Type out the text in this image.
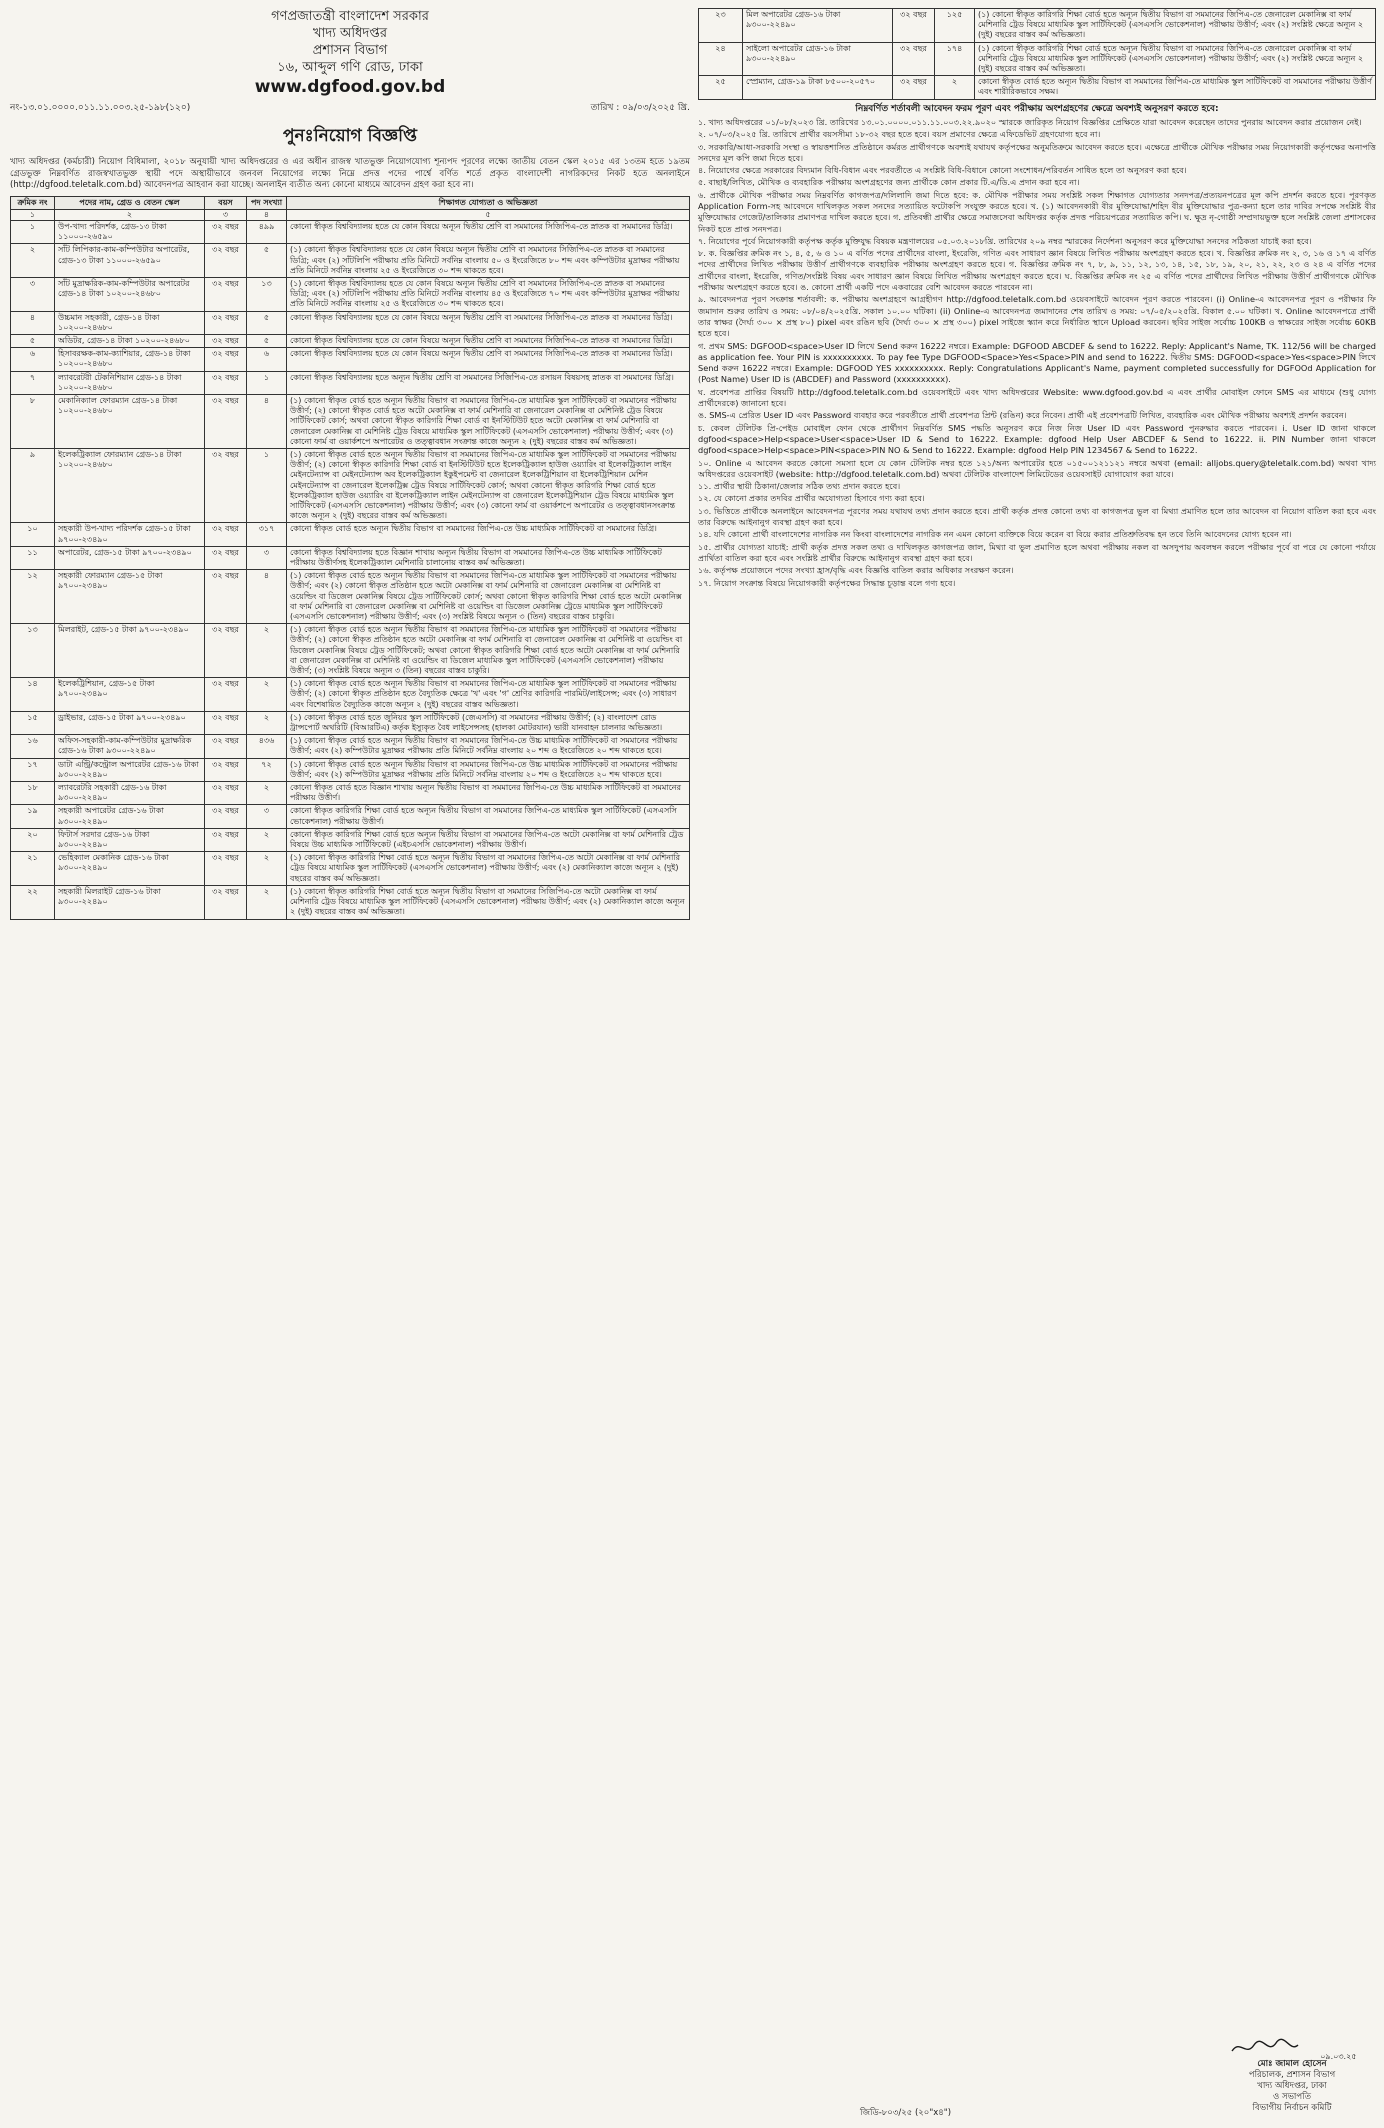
গণপ্রজাতন্ত্রী বাংলাদেশ সরকার
খাদ্য অধিদপ্তর
প্রশাসন বিভাগ
১৬, আব্দুল গণি রোড, ঢাকা
www.dgfood.gov.bd
নং-১৩.০১.০০০০.০১১.১১.০০৩.২৫-১৯৮(১২০)	তারিখ : ০৯/০৩/২০২৫ খ্রি.
পুনঃনিয়োগ বিজ্ঞপ্তি
খাদ্য অধিদপ্তর (কর্মচারী) নিয়োগ বিধিমালা, ২০১৮ অনুযায়ী খাদ্য অধিদপ্তরের ও এর অধীন রাজস্ব খাতভুক্ত নিয়োগযোগ্য শূন্যপদ পূরণের লক্ষ্যে জাতীয় বেতন স্কেল ২০১৫ এর ১৩তম হতে ১৯তম গ্রেডভুক্ত নিম্নবর্ণিত রাজস্বখাতভুক্ত স্থায়ী পদে অস্থায়ীভাবে জনবল নিয়োগের লক্ষ্যে নিম্নে প্রদত্ত পদের পার্শ্বে বর্ণিত শর্তে প্রকৃত বাংলাদেশী নাগরিকদের নিকট হতে অনলাইনে (http://dgfood.teletalk.com.bd) আবেদনপত্র আহবান করা যাচ্ছে। অনলাইন ব্যতীত অন্য কোনো মাধ্যমে আবেদন গ্রহণ করা হবে না।
ক্রমিক নং	পদের নাম, গ্রেড ও বেতন স্কেল	বয়স	পদ সংখ্যা	শিক্ষাগত যোগ্যতা ও অভিজ্ঞতা
১	২	৩	৪	৫
১	উপ-খাদ্য পরিদর্শক, গ্রেড-১৩ টাকা ১১০০০-২৬৫৯০	৩২ বছর	৪৯৯	কোনো স্বীকৃত বিশ্ববিদ্যালয় হতে যে কোন বিষয়ে অন্যূন দ্বিতীয় শ্রেণি বা সমমানের সিজিপিএ-তে স্নাতক বা সমমানের ডিগ্রি।
২	সাঁট লিপিকার-কাম-কম্পিউটার অপারেটর, গ্রেড-১৩ টাকা ১১০০০-২৬৫৯০	৩২ বছর	৫	(১) কোনো স্বীকৃত বিশ্ববিদ্যালয় হতে যে কোন বিষয়ে অন্যূন দ্বিতীয় শ্রেণি বা সমমানের সিজিপিএ-তে স্নাতক বা সমমানের ডিগ্রি; এবং (২) সাঁটলিপি পরীক্ষায় প্রতি মিনিটে সর্বনিম্ন বাংলায় ৫০ ও ইংরেজিতে ৮০ শব্দ এবং কম্পিউটার মুদ্রাক্ষর পরীক্ষায় প্রতি মিনিটে সর্বনিম্ন বাংলায় ২৫ ও ইংরেজিতে ৩০ শব্দ থাকতে হবে।
৩	সাঁট মুদ্রাক্ষরিক-কাম-কম্পিউটার অপারেটর গ্রেড-১৪ টাকা ১০২০০-২৪৬৮০	৩২ বছর	১৩	(১) কোনো স্বীকৃত বিশ্ববিদ্যালয় হতে যে কোন বিষয়ে অন্যূন দ্বিতীয় শ্রেণি বা সমমানের সিজিপিএ-তে স্নাতক বা সমমানের ডিগ্রি; এবং (২) সাঁটলিপি পরীক্ষায় প্রতি মিনিটে সর্বনিম্ন বাংলায় ৪৫ ও ইংরেজিতে ৭০ শব্দ এবং কম্পিউটার মুদ্রাক্ষর পরীক্ষায় প্রতি মিনিটে সর্বনিম্ন বাংলায় ২৫ ও ইংরেজিতে ৩০ শব্দ থাকতে হবে।
৪	উচ্চমান সহকারী, গ্রেড-১৪ টাকা ১০২০০-২৪৬৮০	৩২ বছর	৫	কোনো স্বীকৃত বিশ্ববিদ্যালয় হতে যে কোন বিষয়ে অন্যূন দ্বিতীয় শ্রেণি বা সমমানের সিজিপিএ-তে স্নাতক বা সমমানের ডিগ্রি।
৫	অডিটর, গ্রেড-১৪ টাকা ১০২০০-২৪৬৮০	৩২ বছর	৫	কোনো স্বীকৃত বিশ্ববিদ্যালয় হতে যে কোন বিষয়ে অন্যূন দ্বিতীয় শ্রেণি বা সমমানের সিজিপিএ-তে স্নাতক বা সমমানের ডিগ্রি।
৬	হিসাবরক্ষক-কাম-ক্যাশিয়ার, গ্রেড-১৪ টাকা ১০২০০-২৪৬৮০	৩২ বছর	৬	কোনো স্বীকৃত বিশ্ববিদ্যালয় হতে যে কোন বিষয়ে অন্যূন দ্বিতীয় শ্রেণি বা সমমানের সিজিপিএ-তে স্নাতক বা সমমানের ডিগ্রি।
৭	ল্যাবরেটরী টেকনিশিয়ান গ্রেড-১৪ টাকা ১০২০০-২৪৬৮০	৩২ বছর	১	কোনো স্বীকৃত বিশ্ববিদ্যালয় হতে অন্যূন দ্বিতীয় শ্রেণি বা সমমানের সিজিপিএ-তে রসায়ন বিষয়সহ স্নাতক বা সমমানের ডিগ্রি।
৮	মেকানিক্যাল ফোরম্যান গ্রেড-১৪ টাকা ১০২০০-২৪৬৮০	৩২ বছর	৪	(১) কোনো স্বীকৃত বোর্ড হতে অন্যূন দ্বিতীয় বিভাগ বা সমমানের জিপিএ-তে মাধ্যমিক স্কুল সার্টিফিকেট বা সমমানের পরীক্ষায় উত্তীর্ণ; (২) কোনো স্বীকৃত বোর্ড হতে অটো মেকানিক্স বা ফার্ম মেশিনারি বা জেনারেল মেকানিক্স বা মেশিনিষ্ট ট্রেড বিষয়ে সার্টিফিকেট কোর্স; অথবা কোনো স্বীকৃত কারিগরি শিক্ষা বোর্ড বা ইনস্টিটিউট হতে অটো মেকানিক্স বা ফার্ম মেশিনারি বা জেনারেল মেকানিক্স বা মেশিনিষ্ট ট্রেড বিষয়ে মাধ্যমিক স্কুল সার্টিফিকেট (এসএসসি ভোকেশনাল) পরীক্ষায় উত্তীর্ণ; এবং (৩) কোনো ফার্ম বা ওয়ার্কশপে অপারেটর ও তত্ত্বাবধান সংক্রান্ত কাজে অন্যূন ২ (দুই) বছরের বাস্তব কর্ম অভিজ্ঞতা।
৯	ইলেকট্রিক্যাল ফোরম্যান গ্রেড-১৪ টাকা ১০২০০-২৪৬৮০	৩২ বছর	১	(১) কোনো স্বীকৃত বোর্ড হতে অন্যূন দ্বিতীয় বিভাগ বা সমমানের জিপিএ-তে মাধ্যমিক স্কুল সার্টিফিকেট বা সমমানের পরীক্ষায় উত্তীর্ণ; (২) কোনো স্বীকৃত কারিগরি শিক্ষা বোর্ড বা ইনস্টিটিউট হতে ইলেকট্রিক্যাল হাউজ ওয়্যারিং বা ইলেকট্রিক্যাল লাইন মেইনটেন্যান্স বা মেইনটেন্যান্স অব ইলেকট্রিক্যাল ইকুইপমেন্ট বা জেনারেল ইলেকট্রিশিয়ান বা ইলেকট্রিশিয়ান মেশিন মেইনটেন্যান্স বা জেনারেল ইলেকট্রিক্স ট্রেড বিষয়ে সার্টিফিকেট কোর্স; অথবা কোনো স্বীকৃত কারিগরি শিক্ষা বোর্ড হতে ইলেকট্রিক্যাল হাউজ ওয়্যারিং বা ইলেকট্রিক্যাল লাইন মেইনটেন্যান্স বা জেনারেল ইলেকট্রিশিয়ান ট্রেড বিষয়ে মাধ্যমিক স্কুল সার্টিফিকেট (এসএসসি ভোকেশনাল) পরীক্ষায় উত্তীর্ণ; এবং (৩) কোনো ফার্ম বা ওয়ার্কশপে অপারেটর ও তত্ত্বাবধানসংক্রান্ত কাজে অন্যূন ২ (দুই) বছরের বাস্তব কর্ম অভিজ্ঞতা।
১০	সহকারী উপ-খাদ্য পরিদর্শক গ্রেড-১৫ টাকা ৯৭০০-২৩৪৯০	৩২ বছর	৩১৭	কোনো স্বীকৃত বোর্ড হতে অন্যূন দ্বিতীয় বিভাগ বা সমমানের জিপিএ-তে উচ্চ মাধ্যমিক সার্টিফিকেট বা সমমানের ডিগ্রি।
১১	অপারেটর, গ্রেড-১৫ টাকা ৯৭০০-২৩৪৯০	৩২ বছর	৩	কোনো স্বীকৃত বিশ্ববিদ্যালয় হতে বিজ্ঞান শাখায় অন্যূন দ্বিতীয় বিভাগ বা সমমানের জিপিএ-তে উচ্চ মাধ্যমিক সার্টিফিকেট পরীক্ষায় উত্তীর্ণসহ ইলেকট্রিক্যাল মেশিনারি চালানোয় বাস্তব কর্ম অভিজ্ঞতা।
১২	সহকারী ফোরম্যান গ্রেড-১৫ টাকা ৯৭০০-২৩৪৯০	৩২ বছর	৪	(১) কোনো স্বীকৃত বোর্ড হতে অন্যূন দ্বিতীয় বিভাগ বা সমমানের জিপিএ-তে মাধ্যমিক স্কুল সার্টিফিকেট বা সমমানের পরীক্ষায় উত্তীর্ণ; এবং (২) কোনো স্বীকৃত প্রতিষ্ঠান হতে অটো মেকানিক্স বা ফার্ম মেশিনারি বা জেনারেল মেকানিক্স বা মেশিনিষ্ট বা ওয়েল্ডিং বা ডিজেল মেকানিক্স বিষয়ে ট্রেড সার্টিফিকেট কোর্স; অথবা কোনো স্বীকৃত কারিগরি শিক্ষা বোর্ড হতে অটো মেকানিক্স বা ফার্ম মেশিনারি বা জেনারেল মেকানিক্স বা মেশিনিষ্ট বা ওয়েল্ডিং বা ডিজেল মেকানিক্স ট্রেডে মাধ্যমিক স্কুল সার্টিফিকেট (এসএসসি ভোকেশনাল) পরীক্ষায় উত্তীর্ণ; এবং (৩) সংশ্লিষ্ট বিষয়ে অন্যূন ৩ (তিন) বছরের বাস্তব চাকুরি।
১৩	মিলরাইট, গ্রেড-১৫ টাকা ৯৭০০-২৩৪৯০	৩২ বছর	২	(১) কোনো স্বীকৃত বোর্ড হতে অন্যূন দ্বিতীয় বিভাগ বা সমমানের জিপিএ-তে মাধ্যমিক স্কুল সার্টিফিকেট বা সমমানের পরীক্ষায় উত্তীর্ণ; (২) কোনো স্বীকৃত প্রতিষ্ঠান হতে অটো মেকানিক্স বা ফার্ম মেশিনারি বা জেনারেল মেকানিক্স বা মেশিনিষ্ট বা ওয়েল্ডিং বা ডিজেল মেকানিক্স বিষয়ে ট্রেড সার্টিফিকেট; অথবা কোনো স্বীকৃত কারিগরি শিক্ষা বোর্ড হতে অটো মেকানিক্স বা ফার্ম মেশিনারি বা জেনারেল মেকানিক্স বা মেশিনিষ্ট বা ওয়েল্ডিং বা ডিজেল মাধ্যমিক স্কুল সার্টিফিকেট (এসএসসি ভোকেশনাল) পরীক্ষায় উত্তীর্ণ; (৩) সংশ্লিষ্ট বিষয়ে অন্যূন ৩ (তিন) বছরের বাস্তব চাকুরি।
১৪	ইলেকট্রিশিয়ান, গ্রেড-১৫ টাকা ৯৭০০-২৩৪৯০	৩২ বছর	২	(১) কোনো স্বীকৃত বোর্ড হতে অন্যূন দ্বিতীয় বিভাগ বা সমমানের জিপিএ-তে মাধ্যমিক স্কুল সার্টিফিকেট বা সমমানের পরীক্ষায় উত্তীর্ণ; (২) কোনো স্বীকৃত প্রতিষ্ঠান হতে বৈদ্যুতিক ক্ষেত্রে 'খ' এবং 'গ' শ্রেণির কারিগরি পারমিট/লাইসেন্স; এবং (৩) সাধারণ এবং বিশেষায়িত বৈদ্যুতিক কাজে অন্যূন ২ (দুই) বছরের বাস্তব অভিজ্ঞতা।
১৫	ড্রাইভার, গ্রেড-১৫ টাকা ৯৭০০-২৩৪৯০	৩২ বছর	২	(১) কোনো স্বীকৃত বোর্ড হতে জুনিয়র স্কুল সার্টিফিকেট (জেএসসি) বা সমমানের পরীক্ষায় উত্তীর্ণ; (২) বাংলাদেশ রোড ট্রান্সপোর্ট অথরিটি (বিআরটিএ) কর্তৃক ইস্যুকৃত বৈধ লাইসেন্সসহ (হালকা মোটরযান) ভারী যানবাহন চালনার অভিজ্ঞতা।
১৬	অফিস-সহকারী-কাম-কম্পিউটার মুদ্রাক্ষরিক গ্রেড-১৬ টাকা ৯৩০০-২২৪৯০	৩২ বছর	৪৩৬	(১) কোনো স্বীকৃত বোর্ড হতে অন্যূন দ্বিতীয় বিভাগ বা সমমানের জিপিএ-তে উচ্চ মাধ্যমিক সার্টিফিকেট বা সমমানের পরীক্ষায় উত্তীর্ণ; এবং (২) কম্পিউটার মুদ্রাক্ষর পরীক্ষায় প্রতি মিনিটে সর্বনিম্ন বাংলায় ২০ শব্দ ও ইংরেজিতে ২০ শব্দ থাকতে হবে।
১৭	ডাটা এন্ট্রি/কন্ট্রোল অপারেটর গ্রেড-১৬ টাকা ৯৩০০-২২৪৯০	৩২ বছর	৭২	(১) কোনো স্বীকৃত বোর্ড হতে অন্যূন দ্বিতীয় বিভাগ বা সমমানের জিপিএ-তে উচ্চ মাধ্যমিক সার্টিফিকেট বা সমমানের পরীক্ষায় উত্তীর্ণ; এবং (২) কম্পিউটার মুদ্রাক্ষর পরীক্ষায় প্রতি মিনিটে সর্বনিম্ন বাংলায় ২০ শব্দ ও ইংরেজিতে ২০ শব্দ থাকতে হবে।
১৮	ল্যাবরেটরি সহকারী গ্রেড-১৬ টাকা ৯৩০০-২২৪৯০	৩২ বছর	২	কোনো স্বীকৃত বোর্ড হতে বিজ্ঞান শাখায় অন্যূন দ্বিতীয় বিভাগ বা সমমানের জিপিএ-তে উচ্চ মাধ্যমিক সার্টিফিকেট বা সমমানের পরীক্ষায় উত্তীর্ণ।
১৯	সহকারী অপারেটর গ্রেড-১৬ টাকা ৯৩০০-২২৪৯০	৩২ বছর	৩	কোনো স্বীকৃত কারিগরি শিক্ষা বোর্ড হতে অন্যূন দ্বিতীয় বিভাগ বা সমমানের জিপিএ-তে মাধ্যমিক স্কুল সার্টিফিকেট (এসএসসি ভোকেশনাল) পরীক্ষায় উত্তীর্ণ।
২০	ফিটার্স সরদার গ্রেড-১৬ টাকা ৯৩০০-২২৪৯০	৩২ বছর	২	কোনো স্বীকৃত কারিগরি শিক্ষা বোর্ড হতে অন্যূন দ্বিতীয় বিভাগ বা সমমানের জিপিএ-তে অটো মেকানিক্স বা ফার্ম মেশিনারি ট্রেড বিষয়ে উচ্চ মাধ্যমিক সার্টিফিকেট (এইচএসসি ভোকেশনাল) পরীক্ষায় উত্তীর্ণ।
২১	ভেহিক্যাল মেকানিক গ্রেড-১৬ টাকা ৯৩০০-২২৪৯০	৩২ বছর	২	(১) কোনো স্বীকৃত কারিগরি শিক্ষা বোর্ড হতে অন্যূন দ্বিতীয় বিভাগ বা সমমানের জিপিএ-তে অটো মেকানিক্স বা ফার্ম মেশিনারি ট্রেড বিষয়ে মাধ্যমিক স্কুল সার্টিফিকেট (এসএসসি ভোকেশনাল) পরীক্ষায় উত্তীর্ণ; এবং (২) মেকানিক্যাল কাজে অন্যূন ২ (দুই) বছরের বাস্তব কর্ম অভিজ্ঞতা।
২২	সহকারী মিলরাইট গ্রেড-১৬ টাকা ৯৩০০-২২৪৯০	৩২ বছর	২	(১) কোনো স্বীকৃত কারিগরি শিক্ষা বোর্ড হতে অন্যূন দ্বিতীয় বিভাগ বা সমমানের সিজিপিএ-তে অটো মেকানিক্স বা ফার্ম মেশিনারি ট্রেড বিষয়ে মাধ্যমিক স্কুল সার্টিফিকেট (এসএসসি ভোকেশনাল) পরীক্ষায় উত্তীর্ণ; এবং (২) মেকানিক্যাল কাজে অন্যূন ২ (দুই) বছরের বাস্তব কর্ম অভিজ্ঞতা।
২৩	মিল অপারেটর গ্রেড-১৬ টাকা ৯৩০০-২২৪৯০	৩২ বছর	১২৫	(১) কোনো স্বীকৃত কারিগরি শিক্ষা বোর্ড হতে অন্যূন দ্বিতীয় বিভাগ বা সমমানের জিপিএ-তে জেনারেল মেকানিক্স বা ফার্ম মেশিনারি ট্রেড বিষয়ে মাধ্যমিক স্কুল সার্টিফিকেট (এসএসসি ভোকেশনাল) পরীক্ষায় উত্তীর্ণ; এবং (২) সংশ্লিষ্ট ক্ষেত্রে অন্যূন ২ (দুই) বছরের বাস্তব কর্ম অভিজ্ঞতা।
২৪	সাইলো অপারেটর গ্রেড-১৬ টাকা ৯৩০০-২২৪৯০	৩২ বছর	১৭৪	(১) কোনো স্বীকৃত কারিগরি শিক্ষা বোর্ড হতে অন্যূন দ্বিতীয় বিভাগ বা সমমানের জিপিএ-তে জেনারেল মেকানিক্স বা ফার্ম মেশিনারি ট্রেড বিষয়ে মাধ্যমিক স্কুল সার্টিফিকেট (এসএসসি ভোকেশনাল) পরীক্ষায় উত্তীর্ণ; এবং (২) সংশ্লিষ্ট ক্ষেত্রে অন্যূন ২ (দুই) বছরের বাস্তব কর্ম অভিজ্ঞতা।
২৫	স্প্রেম্যান, গ্রেড-১৯ টাকা ৮৫০০-২০৫৭০	৩২ বছর	২	কোনো স্বীকৃত বোর্ড হতে অন্যূন দ্বিতীয় বিভাগ বা সমমানের জিপিএ-তে মাধ্যমিক স্কুল সার্টিফিকেট বা সমমানের পরীক্ষায় উত্তীর্ণ এবং শারীরিকভাবে সক্ষম।
নিম্নবর্ণিত শর্তাবলী আবেদন ফরম পূরণ এবং পরীক্ষায় অংশগ্রহণের ক্ষেত্রে অবশ্যই অনুসরণ করতে হবে:

১. খাদ্য অধিদপ্তরের ০১/০৮/২০২৩ খ্রি. তারিখের ১৩.০১.০০০০.০১১.১১.০০৩.২২.৯০২০ স্মারকে জারিকৃত নিয়োগ বিজ্ঞপ্তির প্রেক্ষিতে যারা আবেদন করেছেন তাদের পুনরায় আবেদন করার প্রয়োজন নেই।

২. ০৭/০৩/২০২৫ খ্রি. তারিখে প্রার্থীর বয়সসীমা ১৮-৩২ বছর হতে হবে। বয়স প্রমাণের ক্ষেত্রে এফিডেভিট গ্রহণযোগ্য হবে না।

৩. সরকারি/আধা-সরকারি সংস্থা ও স্বায়ত্তশাসিত প্রতিষ্ঠানে কর্মরত প্রার্থীগণকে অবশ্যই যথাযথ কর্তৃপক্ষের অনুমতিক্রমে আবেদন করতে হবে। এক্ষেত্রে প্রার্থীকে মৌখিক পরীক্ষার সময় নিয়োগকারী কর্তৃপক্ষের অনাপত্তি সনদের মূল কপি জমা দিতে হবে।

৪. নিয়োগের ক্ষেত্রে সরকারের বিদ্যমান বিধি-বিধান এবং পরবর্তীতে এ সংশ্লিষ্ট বিধি-বিধানে কোনো সংশোধন/পরিবর্তন সাধিত হলে তা অনুসরণ করা হবে।

৫. বাছাই/লিখিত, মৌখিক ও ব্যবহারিক পরীক্ষায় অংশগ্রহণের জন্য প্রার্থীকে কোন প্রকার টি.এ/ডি.এ প্রদান করা হবে না।

৬. প্রার্থীকে মৌখিক পরীক্ষার সময় নিম্নবর্ণিত কাগজপত্র/দলিলাদি জমা দিতে হবে: ক. মৌখিক পরীক্ষার সময় সংশ্লিষ্ট সকল শিক্ষাগত যোগ্যতার সনদপত্র/প্রত্যয়নপত্রের মূল কপি প্রদর্শন করতে হবে। পূরণকৃত Application Form-সহ আবেদনে দাখিলকৃত সকল সনদের সত্যায়িত ফটোকপি সংযুক্ত করতে হবে। খ. (১) আবেদনকারী বীর মুক্তিযোদ্ধা/শহিদ বীর মুক্তিযোদ্ধার পুত্র-কন্যা হলে তার দাবির সপক্ষে সংশ্লিষ্ট বীর মুক্তিযোদ্ধার গেজেট/তালিকার প্রমাণপত্র দাখিল করতে হবে। গ. প্রতিবন্ধী প্রার্থীর ক্ষেত্রে সমাজসেবা অধিদপ্তর কর্তৃক প্রদত্ত পরিচয়পত্রের সত্যায়িত কপি। ঘ. ক্ষুদ্র নৃ-গোষ্ঠী সম্প্রদায়ভুক্ত হলে সংশ্লিষ্ট জেলা প্রশাসকের নিকট হতে প্রাপ্ত সনদপত্র।

৭. নিয়োগের পূর্বে নিয়োগকারী কর্তৃপক্ষ কর্তৃক মুক্তিযুদ্ধ বিষয়ক মন্ত্রণালয়ের ০৫.০৩.২০১৮খ্রি. তারিখের ২০৯ নম্বর স্মারকের নির্দেশনা অনুসরণ করে মুক্তিযোদ্ধা সনদের সঠিকতা যাচাই করা হবে।

৮. ক. বিজ্ঞপ্তির ক্রমিক নং ১, ৪, ৫, ৬ ও ১০ এ বর্ণিত পদের প্রার্থীদের বাংলা, ইংরেজি, গণিত এবং সাধারণ জ্ঞান বিষয়ে লিখিত পরীক্ষায় অংশগ্রহণ করতে হবে। খ. বিজ্ঞপ্তির ক্রমিক নং ২, ৩, ১৬ ও ১৭ এ বর্ণিত পদের প্রার্থীদের লিখিত পরীক্ষায় উত্তীর্ণ প্রার্থীগণকে ব্যবহারিক পরীক্ষায় অংশগ্রহণ করতে হবে। গ. বিজ্ঞপ্তির ক্রমিক নং ৭, ৮, ৯, ১১, ১২, ১৩, ১৪, ১৫, ১৮, ১৯, ২০, ২১, ২২, ২৩ ও ২৪ এ বর্ণিত পদের প্রার্থীদের বাংলা, ইংরেজি, গণিত/সংশ্লিষ্ট বিষয় এবং সাধারণ জ্ঞান বিষয়ে লিখিত পরীক্ষায় অংশগ্রহণ করতে হবে। ঘ. বিজ্ঞপ্তির ক্রমিক নং ২৫ এ বর্ণিত পদের প্রার্থীদের লিখিত পরীক্ষায় উত্তীর্ণ প্রার্থীগণকে মৌখিক পরীক্ষায় অংশগ্রহণ করতে হবে। ঙ. কোনো প্রার্থী একটি পদে একবারের বেশি আবেদন করতে পারবেন না।

৯. আবেদনপত্র পূরণ সংক্রান্ত শর্তাবলী: ক. পরীক্ষায় অংশগ্রহণে আগ্রহীগণ http://dgfood.teletalk.com.bd ওয়েবসাইটে আবেদন পূরণ করতে পারবেন। (i) Online-এ আবেদনপত্র পূরণ ও পরীক্ষার ফি জমাদান শুরুর তারিখ ও সময়: ০৮/০৪/২০২৫খ্রি. সকাল ১০.০০ ঘটিকা। (ii) Online-এ আবেদনপত্র জমাদানের শেষ তারিখ ও সময়: ০৭/০৫/২০২৫খ্রি. বিকাল ৫.০০ ঘটিকা। খ. Online আবেদনপত্রে প্রার্থী তার স্বাক্ষর (দৈর্ঘ্য ৩০০ × প্রস্থ ৮০) pixel এবং রঙিন ছবি (দৈর্ঘ্য ৩০০ × প্রস্থ ৩০০) pixel সাইজে স্ক্যান করে নির্ধারিত স্থানে Upload করবেন। ছবির সাইজ সর্বোচ্চ 100KB ও স্বাক্ষরের সাইজ সর্বোচ্চ 60KB হতে হবে।

গ. প্রথম SMS: DGFOOD<space>User ID লিখে Send করুন 16222 নম্বরে। Example: DGFOOD ABCDEF & send to 16222. Reply: Applicant's Name, TK. 112/56 will be charged as application fee. Your PIN is xxxxxxxxxx. To pay fee Type DGFOOD<Space>Yes<Space>PIN and send to 16222. দ্বিতীয় SMS: DGFOOD<space>Yes<space>PIN লিখে Send করুন 16222 নম্বরে। Example: DGFOOD YES xxxxxxxxxx. Reply: Congratulations Applicant's Name, payment completed successfully for DGFOOd Application for (Post Name) User ID is (ABCDEF) and Password (xxxxxxxxxx).

ঘ. প্রবেশপত্র প্রাপ্তির বিষয়টি http://dgfood.teletalk.com.bd ওয়েবসাইটে এবং খাদ্য অধিদপ্তরের Website: www.dgfood.gov.bd এ এবং প্রার্থীর মোবাইল ফোনে SMS এর মাধ্যমে (শুধু যোগ্য প্রার্থীদেরকে) জানানো হবে।

ঙ. SMS-এ প্রেরিত User ID এবং Password ব্যবহার করে পরবর্তীতে প্রার্থী প্রবেশপত্র প্রিন্ট (রঙিন) করে নিবেন। প্রার্থী এই প্রবেশপত্রটি লিখিত, ব্যবহারিক এবং মৌখিক পরীক্ষায় অবশ্যই প্রদর্শন করবেন।

চ. কেবল টেলিটক প্রি-পেইড মোবাইল ফোন থেকে প্রার্থীগণ নিম্নবর্ণিত SMS পদ্ধতি অনুসরণ করে নিজ নিজ User ID এবং Password পুনরুদ্ধার করতে পারবেন। i. User ID জানা থাকলে dgfood<space>Help<space>User<space>User ID & Send to 16222. Example: dgfood Help User ABCDEF & Send to 16222. ii. PIN Number জানা থাকলে dgfood<space>Help<space>PIN<space>PIN NO & Send to 16222. Example: dgfood Help PIN 1234567 & Send to 16222.

১০. Online এ আবেদন করতে কোনো সমস্যা হলে যে কোন টেলিটক নম্বর হতে ১২১/অন্য অপারেটর হতে ০১৫০০১২১১২১ নম্বরে অথবা (email: alljobs.query@teletalk.com.bd) অথবা খাদ্য অধিদপ্তরের ওয়েবসাইট (website: http://dgfood.teletalk.com.bd) অথবা টেলিটক বাংলাদেশ লিমিটেডের ওয়েবসাইট যোগাযোগ করা যাবে।

১১. প্রার্থীর স্থায়ী ঠিকানা/জেলার সঠিক তথ্য প্রদান করতে হবে।

১২. যে কোনো প্রকার তদবির প্রার্থীর অযোগ্যতা হিসাবে গণ্য করা হবে।

১৩. ভিত্তিতে প্রার্থীকে অনলাইনে আবেদনপত্র পূরণের সময় যথাযথ তথ্য প্রদান করতে হবে। প্রার্থী কর্তৃক প্রদত্ত কোনো তথ্য বা কাগজপত্র ভুল বা মিথ্যা প্রমাণিত হলে তার আবেদন বা নিয়োগ বাতিল করা হবে এবং তার বিরুদ্ধে আইনানুগ ব্যবস্থা গ্রহণ করা হবে।

১৪. যদি কোনো প্রার্থী বাংলাদেশের নাগরিক নন কিংবা বাংলাদেশের নাগরিক নন এমন কোনো ব্যক্তিকে বিয়ে করেন বা বিয়ে করার প্রতিশ্রুতিবদ্ধ হন তবে তিনি আবেদনের যোগ্য হবেন না।

১৫. প্রার্থীর যোগ্যতা যাচাই: প্রার্থী কর্তৃক প্রদত্ত সকল তথ্য ও দাখিলকৃত কাগজপত্র জাল, মিথ্যা বা ভুল প্রমাণিত হলে অথবা পরীক্ষায় নকল বা অসদুপায় অবলম্বন করলে পরীক্ষার পূর্বে বা পরে যে কোনো পর্যায়ে প্রার্থিতা বাতিল করা হবে এবং সংশ্লিষ্ট প্রার্থীর বিরুদ্ধে আইনানুগ ব্যবস্থা গ্রহণ করা হবে।

১৬. কর্তৃপক্ষ প্রয়োজনে পদের সংখ্যা হ্রাস/বৃদ্ধি এবং বিজ্ঞপ্তি বাতিল করার অধিকার সংরক্ষণ করেন।

১৭. নিয়োগ সংক্রান্ত বিষয়ে নিয়োগকারী কর্তৃপক্ষের সিদ্ধান্ত চূড়ান্ত বলে গণ্য হবে।

০৯.০৩.২৫
মোঃ জামাল হোসেন
পরিচালক, প্রশাসন বিভাগ
খাদ্য অধিদপ্তর, ঢাকা
ও সভাপতি
বিভাগীয় নির্বাচন কমিটি
জিডি-৮০৩/২৫ (২০"x৪")
